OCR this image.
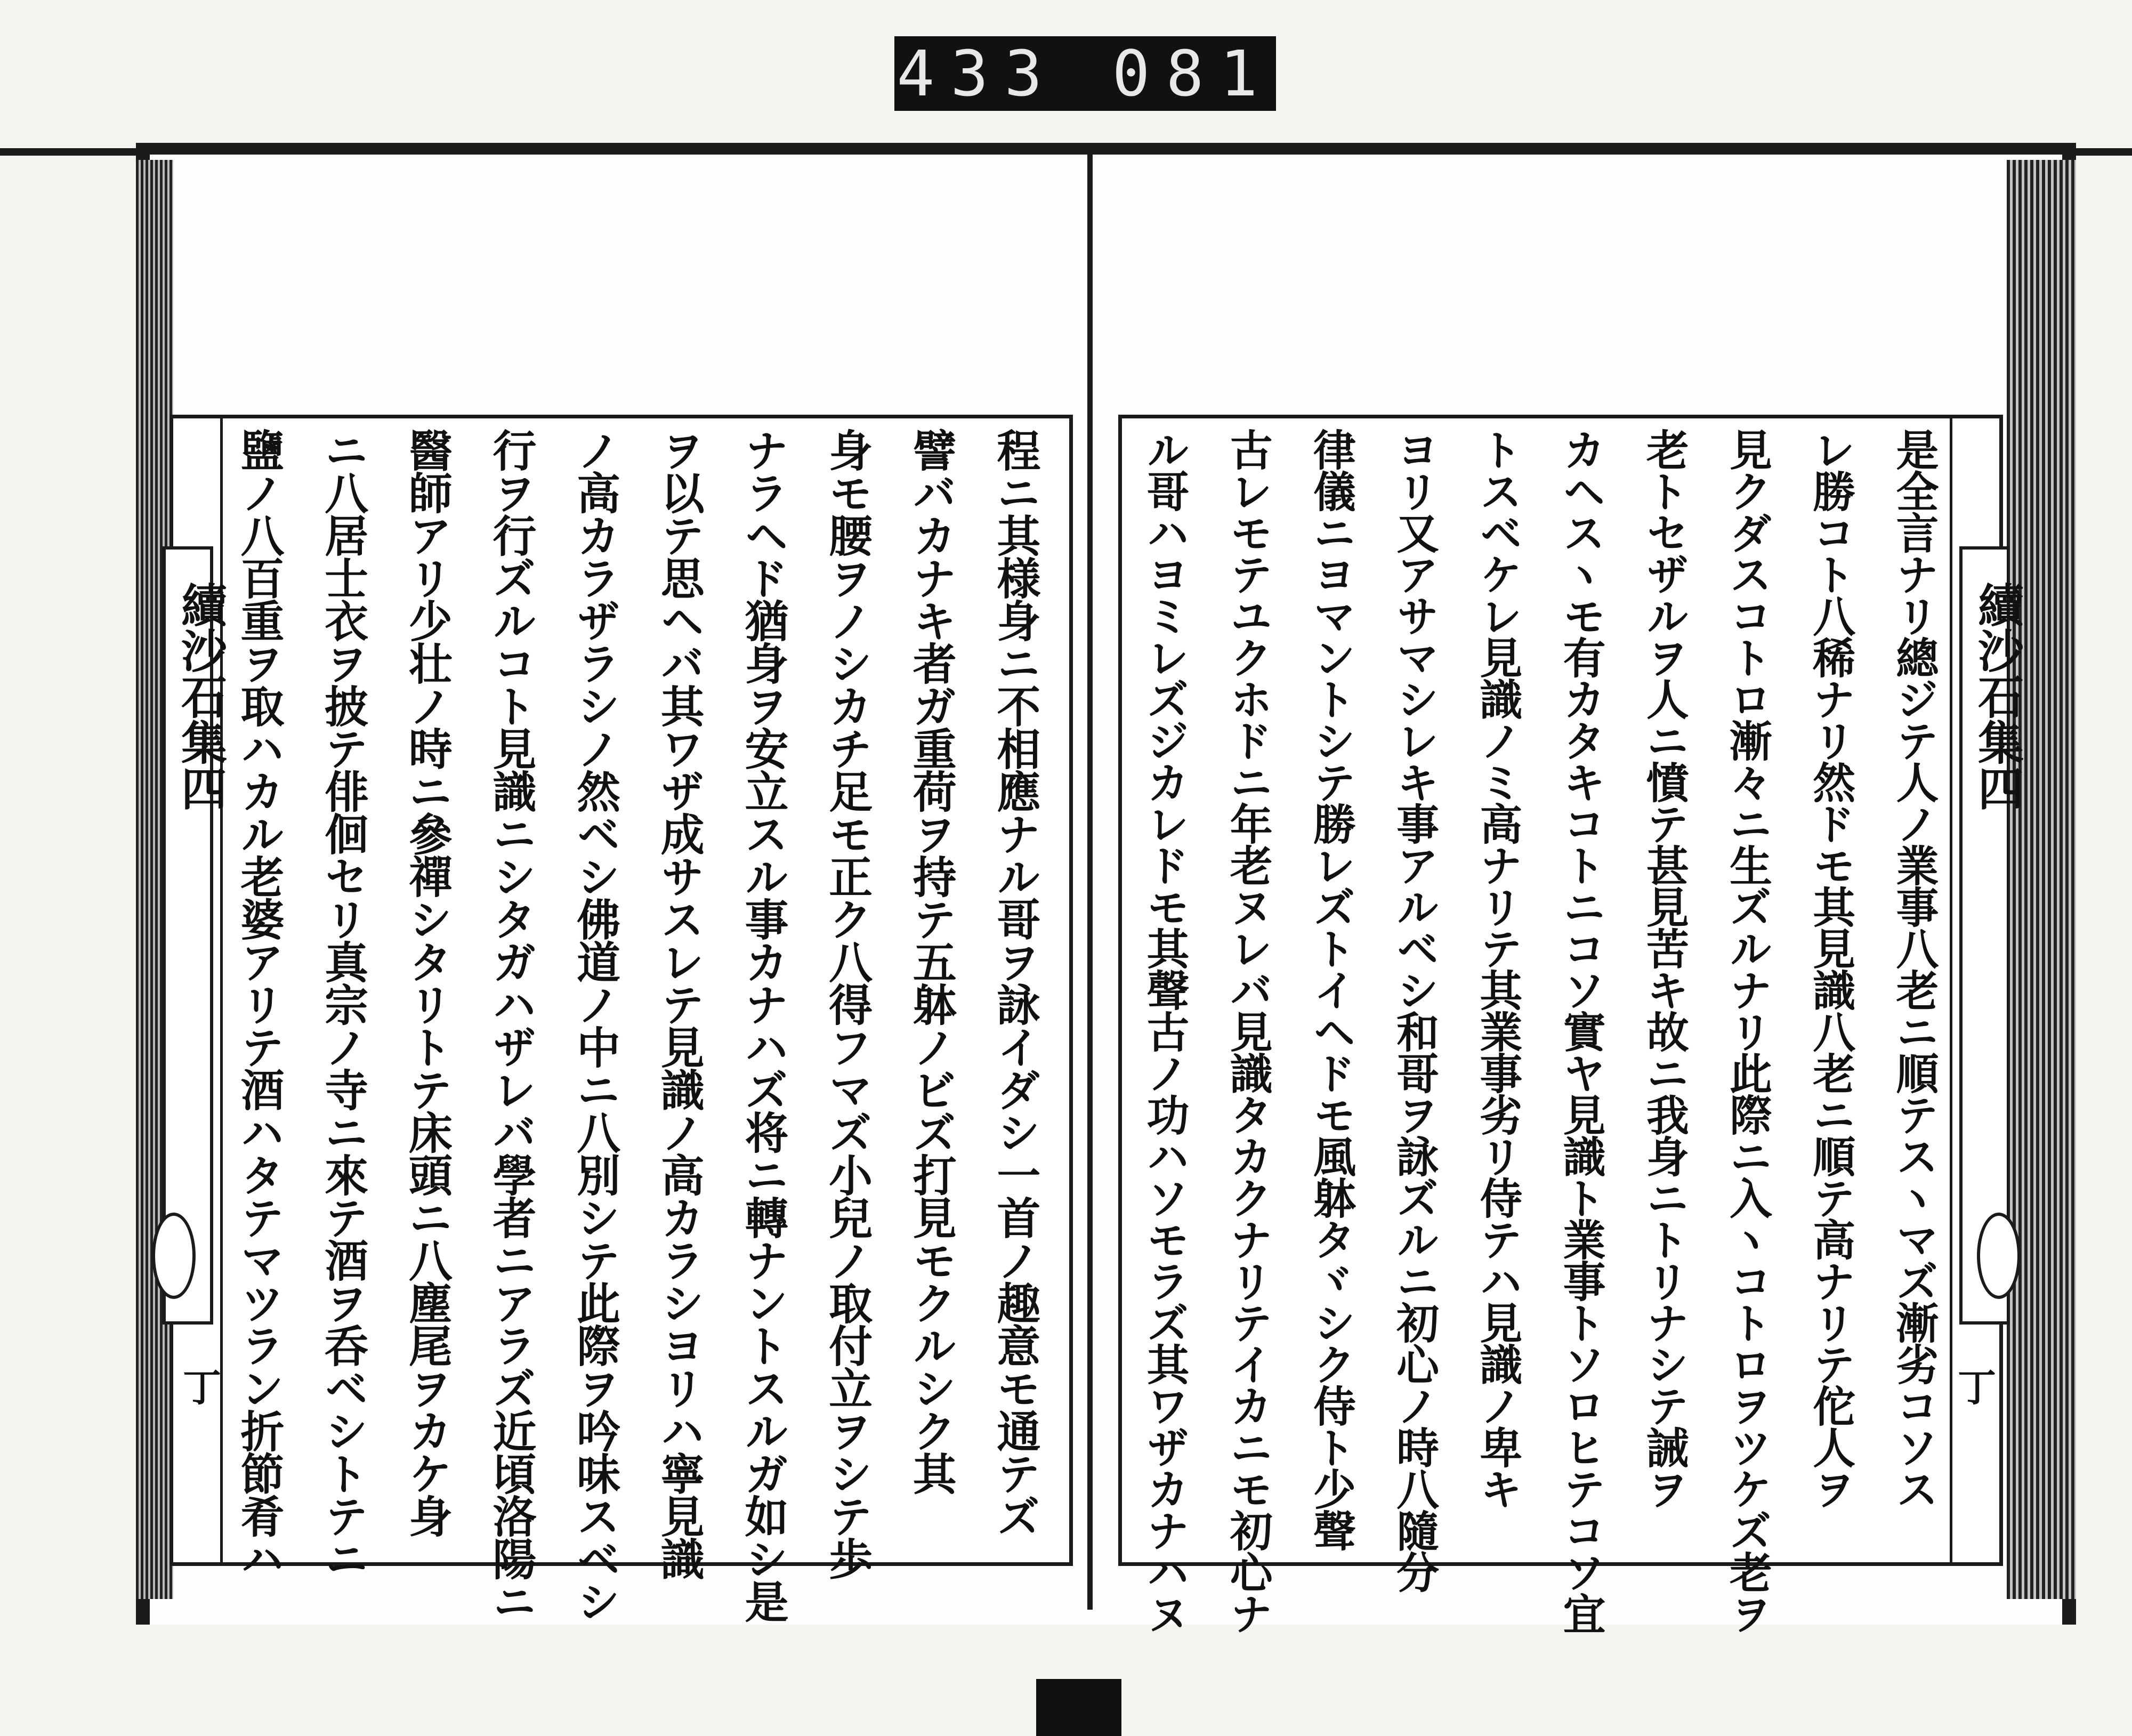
433 081
續沙石集四
丁	程ニ其様身ニ不相應ナル哥ヲ詠イダシ一首ノ趣意モ通テズ
譬バカナキ者ガ重荷ヲ持テ五躰ノビズ打見モクルシク其
身モ腰ヲノシカチ足モ正ク八得フマズ小兒ノ取付立ヲシテ歩
ナラヘド猶身ヲ安立スル事カナハズ将ニ轉ナントスルガ如シ是
ヲ以テ思ヘバ其ワザ成サスレテ見識ノ高カラシヨリハ寧見識
ノ高カラザラシノ然ベシ佛道ノ中ニ八別シテ此際ヲ吟味スベシ
行ヲ行ズルコト見識ニシタガハザレバ學者ニアラズ近頃洛陽ニ
醫師アリ少壮ノ時ニ參禪シタリトテ床頭ニ八塵尾ヲカケ身
ニ八居士衣ヲ披テ俳佪セリ真宗ノ寺ニ來テ酒ヲ呑ベシトテニ
鹽ノ八百重ヲ取ハカル老婆アリテ酒ハタテマツラン折節肴ハ	續沙石集四
丁
是全言ナリ總ジテ人ノ業事八老ニ順テスヽマズ漸劣コソス
レ勝コト八稀ナリ然ドモ其見識八老ニ順テ高ナリテ佗人ヲ
見クダスコトロ漸々ニ生ズルナリ此際ニ入ヽコトロヲツケズ老ヲ
老トセザルヲ人ニ憤テ甚見苦キ故ニ我身ニトリナシテ誡ヲ
カヘスヽモ有カタキコトニコソ實ヤ見識ト業事トソロヒテコソ宜
トスベケレ見識ノミ高ナリテ其業事劣リ侍テハ見識ノ卑キ
ヨリ又アサマシレキ事アルベシ和哥ヲ詠ズルニ初心ノ時八隨分
律儀ニヨマントシテ勝レズトイヘドモ風躰タヾシク侍ト少聲
古レモテユクホドニ年老ヌレバ見識タカクナリテイカニモ初心ナ
ル哥ハヨミレズジカレドモ其聲古ノ功ハソモラズ其ワザカナハヌ
